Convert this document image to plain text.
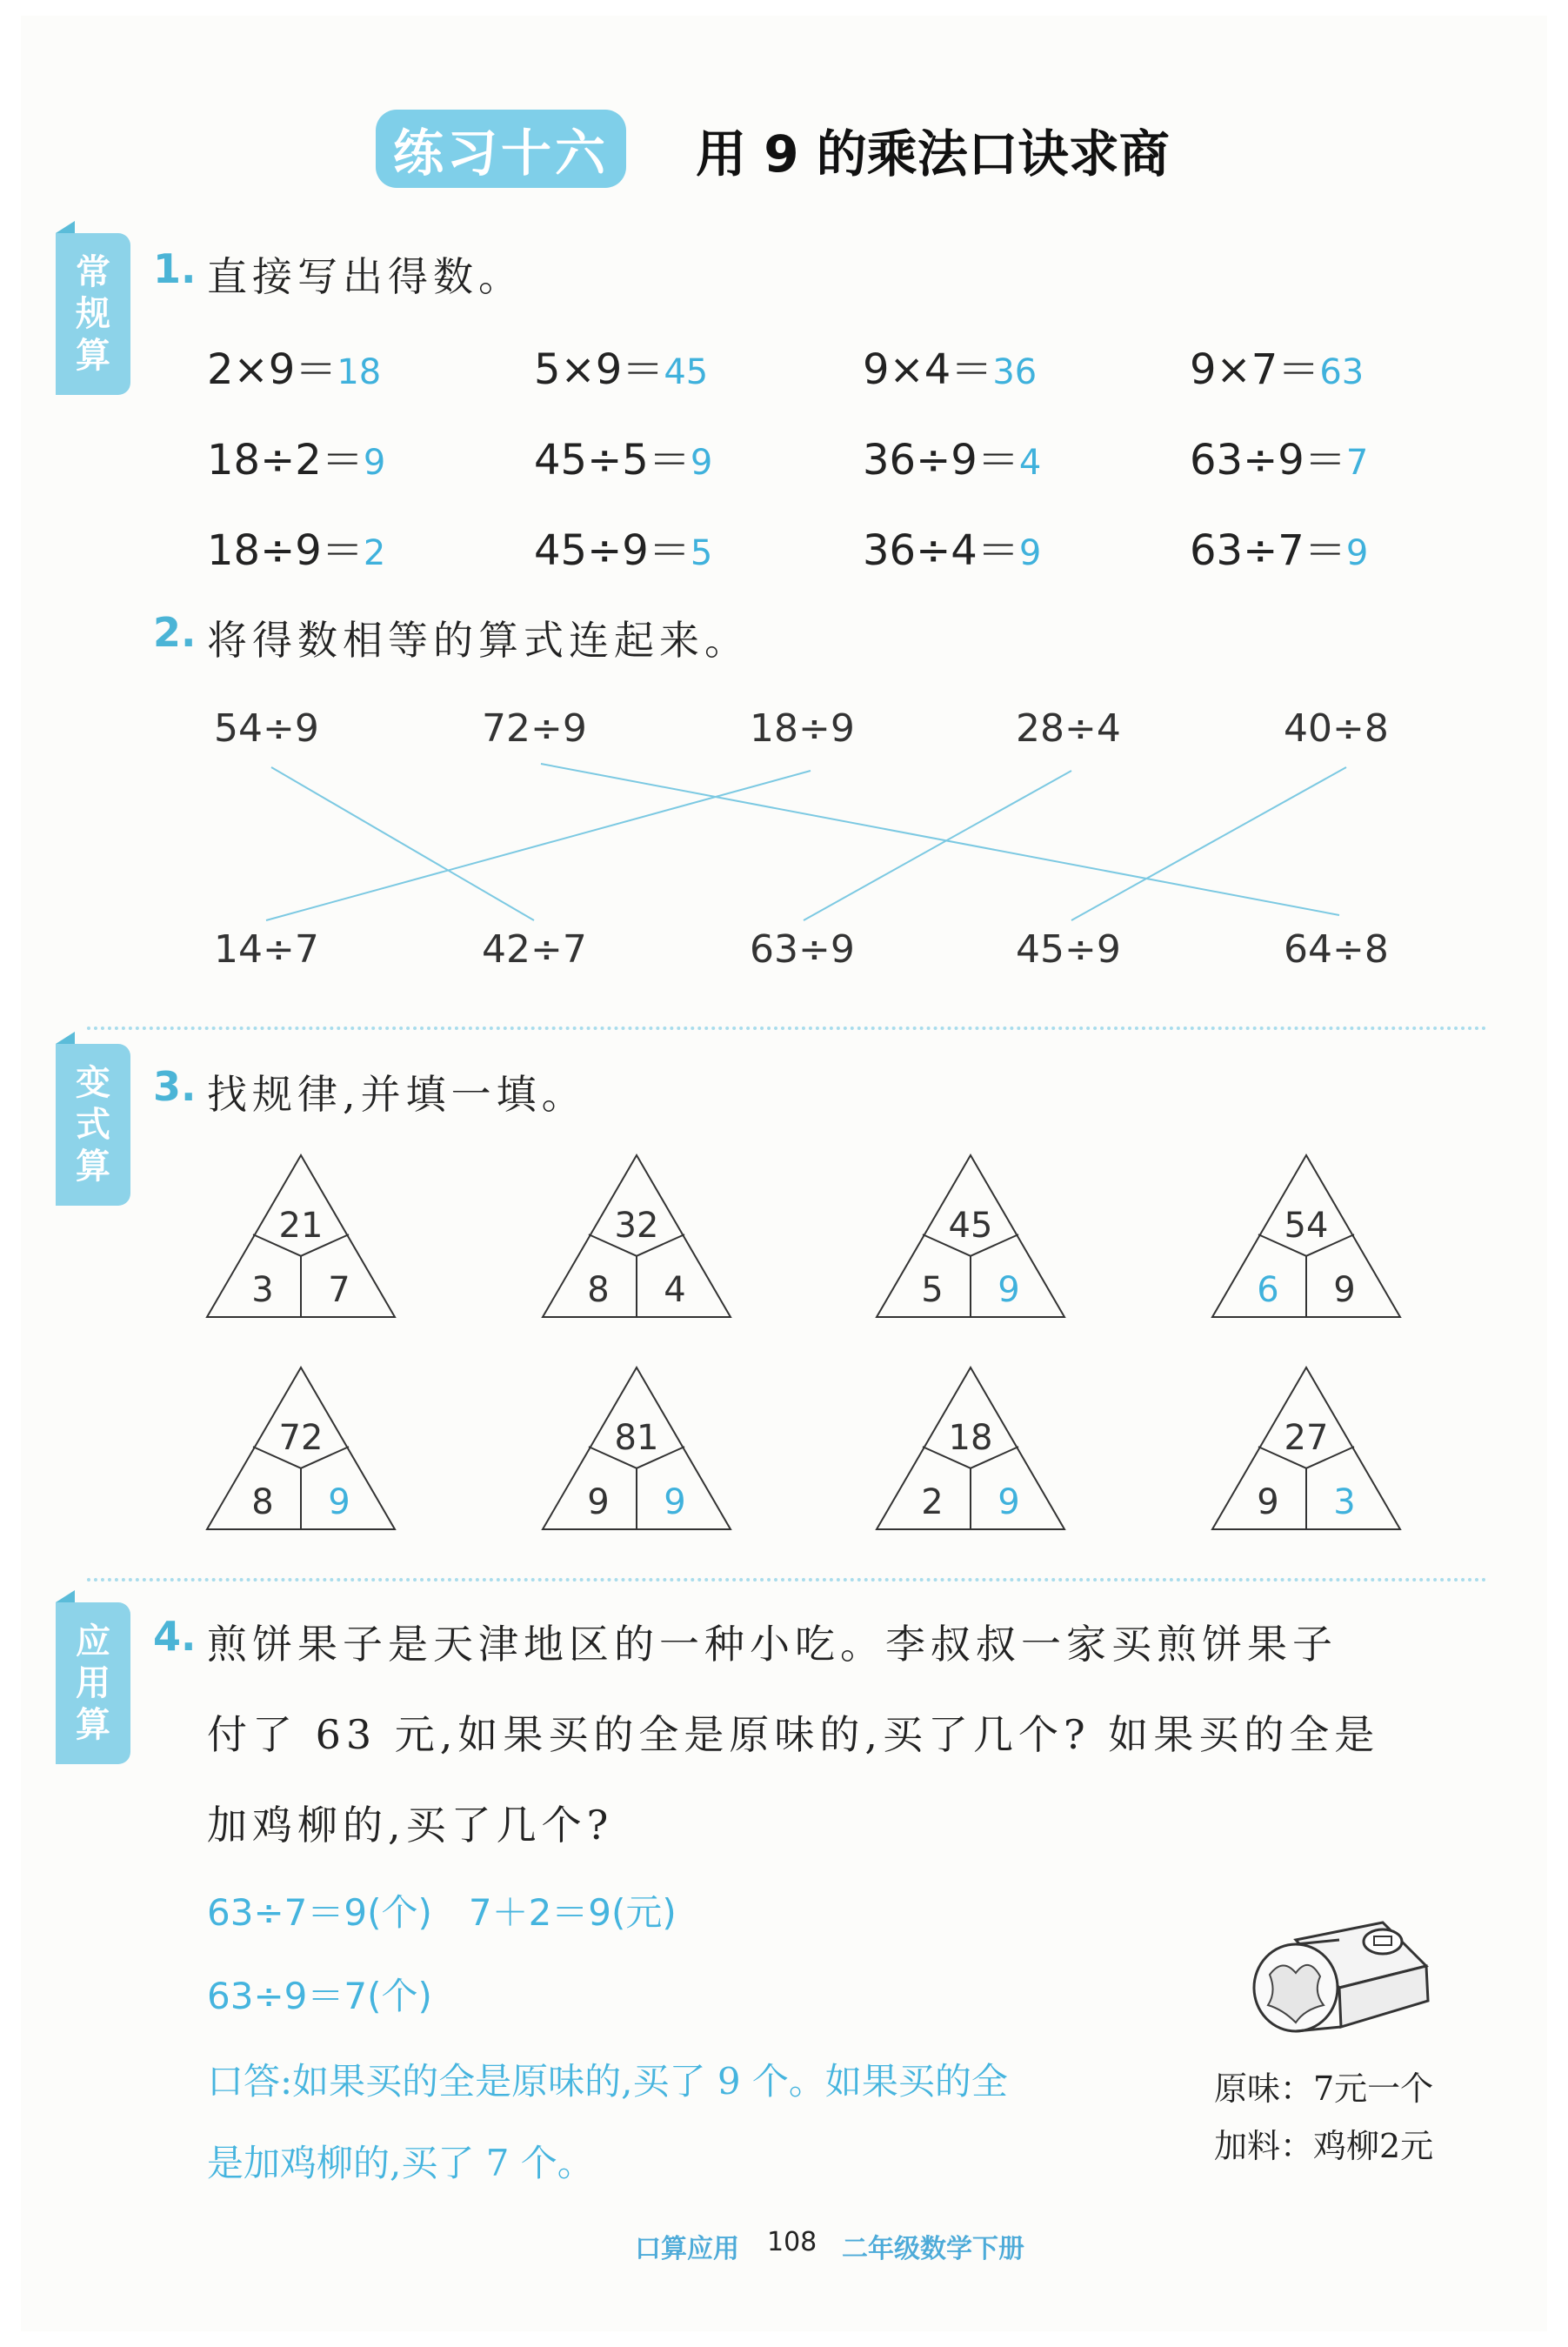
练习十六	用 9 的乘法口诀求商
常
规
算
变
式
算
应
用
算
1. 直接写出得数。
2×9＝18	5×9＝45	9×4＝36	9×7＝63
18÷2＝9	45÷5＝9	36÷9＝4	63÷9＝7
18÷9＝2	45÷9＝5	36÷4＝9	63÷7＝9
2. 将得数相等的算式连起来。
54÷9	72÷9	18÷9	28÷4	40÷8
14÷7	42÷7	63÷9	45÷9	64÷8
3. 找规律,并填一填。
21
3	7
32
8	4
45
5	9
54
6	9
72
8	9
81
9	9
18
2	9
27
9	3
4. 煎饼果子是天津地区的一种小吃。李叔叔一家买煎饼果子
付了 63 元,如果买的全是原味的,买了几个? 如果买的全是
加鸡柳的,买了几个?
63÷7＝9(个)　7＋2＝9(元)
63÷9＝7(个)
口答:如果买的全是原味的,买了 9 个。如果买的全
是加鸡柳的,买了 7 个。
原味：7元一个
加料：鸡柳2元
口算应用 108 二年级数学下册
